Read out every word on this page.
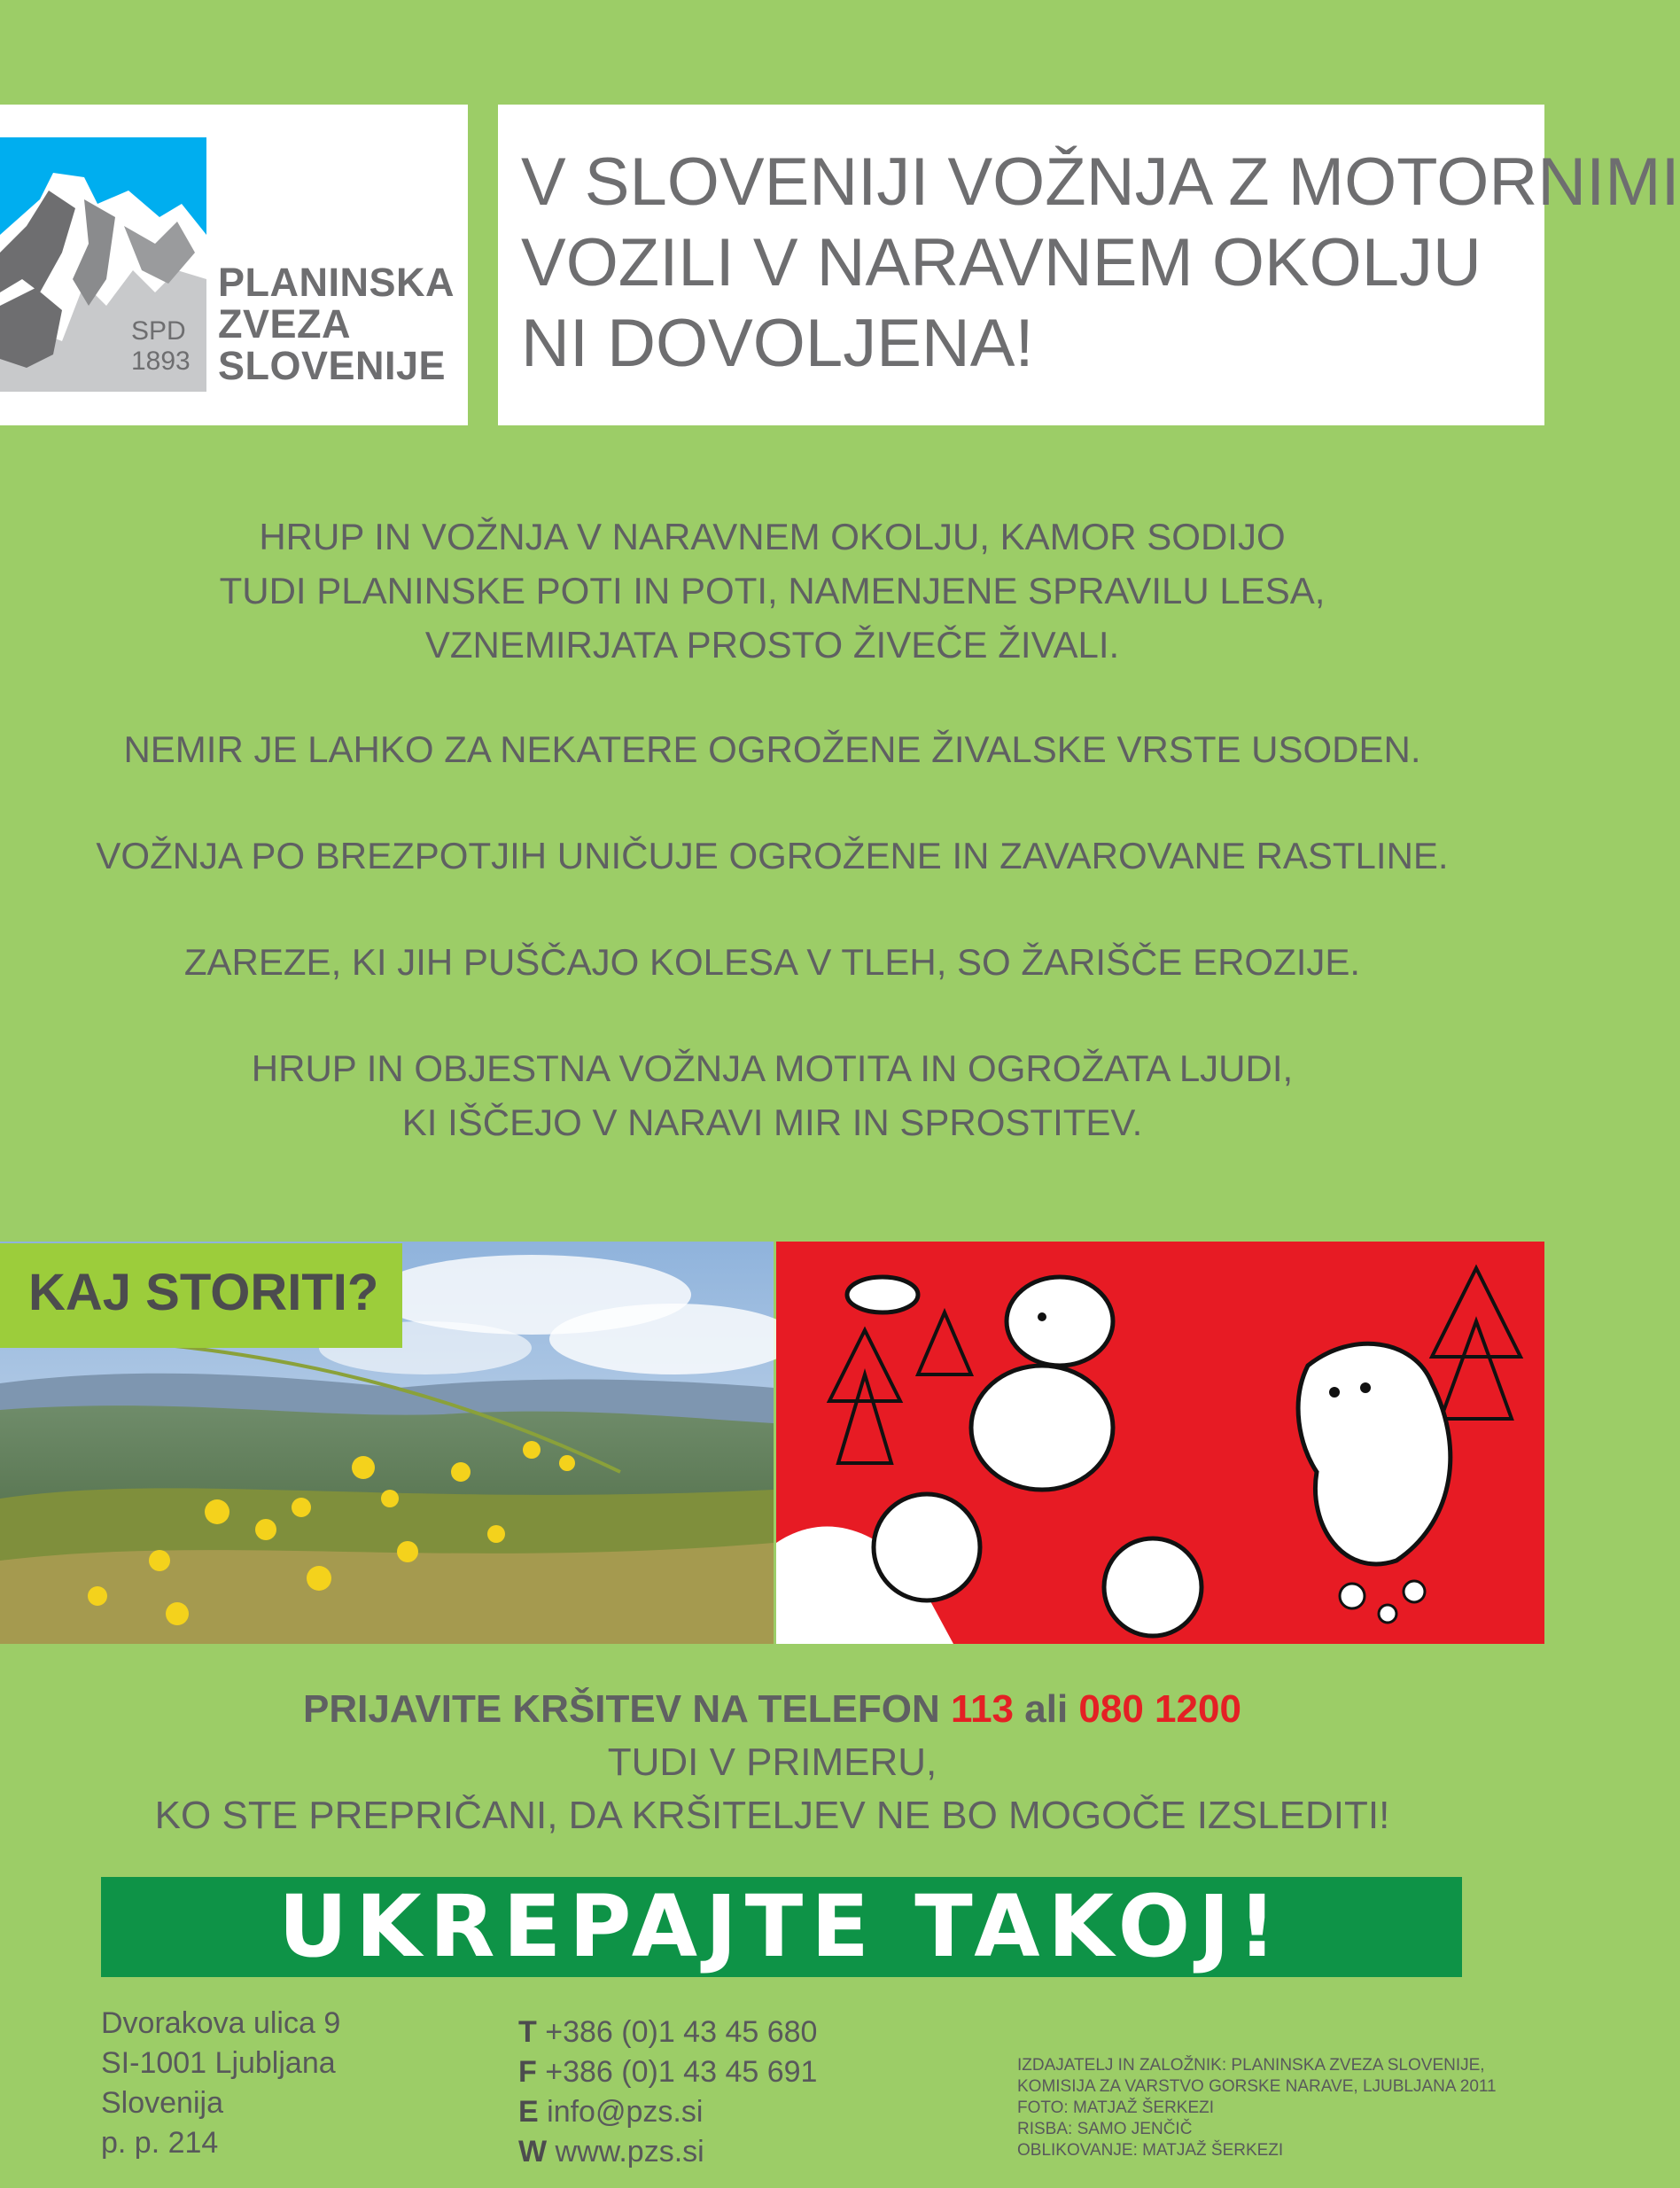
SPD
1893
PLANINSKA
ZVEZA
SLOVENIJE
V SLOVENIJI VOŽNJA Z MOTORNIMI
VOZILI V NARAVNEM OKOLJU
NI DOVOLJENA!
HRUP IN VOŽNJA V NARAVNEM OKOLJU, KAMOR SODIJO
TUDI PLANINSKE POTI IN POTI, NAMENJENE SPRAVILU LESA,
VZNEMIRJATA PROSTO ŽIVEČE ŽIVALI.
NEMIR JE LAHKO ZA NEKATERE OGROŽENE ŽIVALSKE VRSTE USODEN.
VOŽNJA PO BREZPOTJIH UNIČUJE OGROŽENE IN ZAVAROVANE RASTLINE.
ZAREZE, KI JIH PUŠČAJO KOLESA V TLEH, SO ŽARIŠČE EROZIJE.
HRUP IN OBJESTNA VOŽNJA MOTITA IN OGROŽATA LJUDI,
KI IŠČEJO V NARAVI MIR IN SPROSTITEV.
KAJ STORITI?
PRIJAVITE KRŠITEV NA TELEFON 113 ali 080 1200
TUDI V PRIMERU,
KO STE PREPRIČANI, DA KRŠITELJEV NE BO MOGOČE IZSLEDITI!
UKREPAJTE TAKOJ!
Dvorakova ulica 9
SI-1001 Ljubljana
Slovenija
p. p. 214
T +386 (0)1 43 45 680
F +386 (0)1 43 45 691
E info@pzs.si
W www.pzs.si
IZDAJATELJ IN ZALOŽNIK: PLANINSKA ZVEZA SLOVENIJE,
KOMISIJA ZA VARSTVO GORSKE NARAVE, LJUBLJANA 2011
FOTO: MATJAŽ ŠERKEZI
RISBA: SAMO JENČIČ
OBLIKOVANJE: MATJAŽ ŠERKEZI
